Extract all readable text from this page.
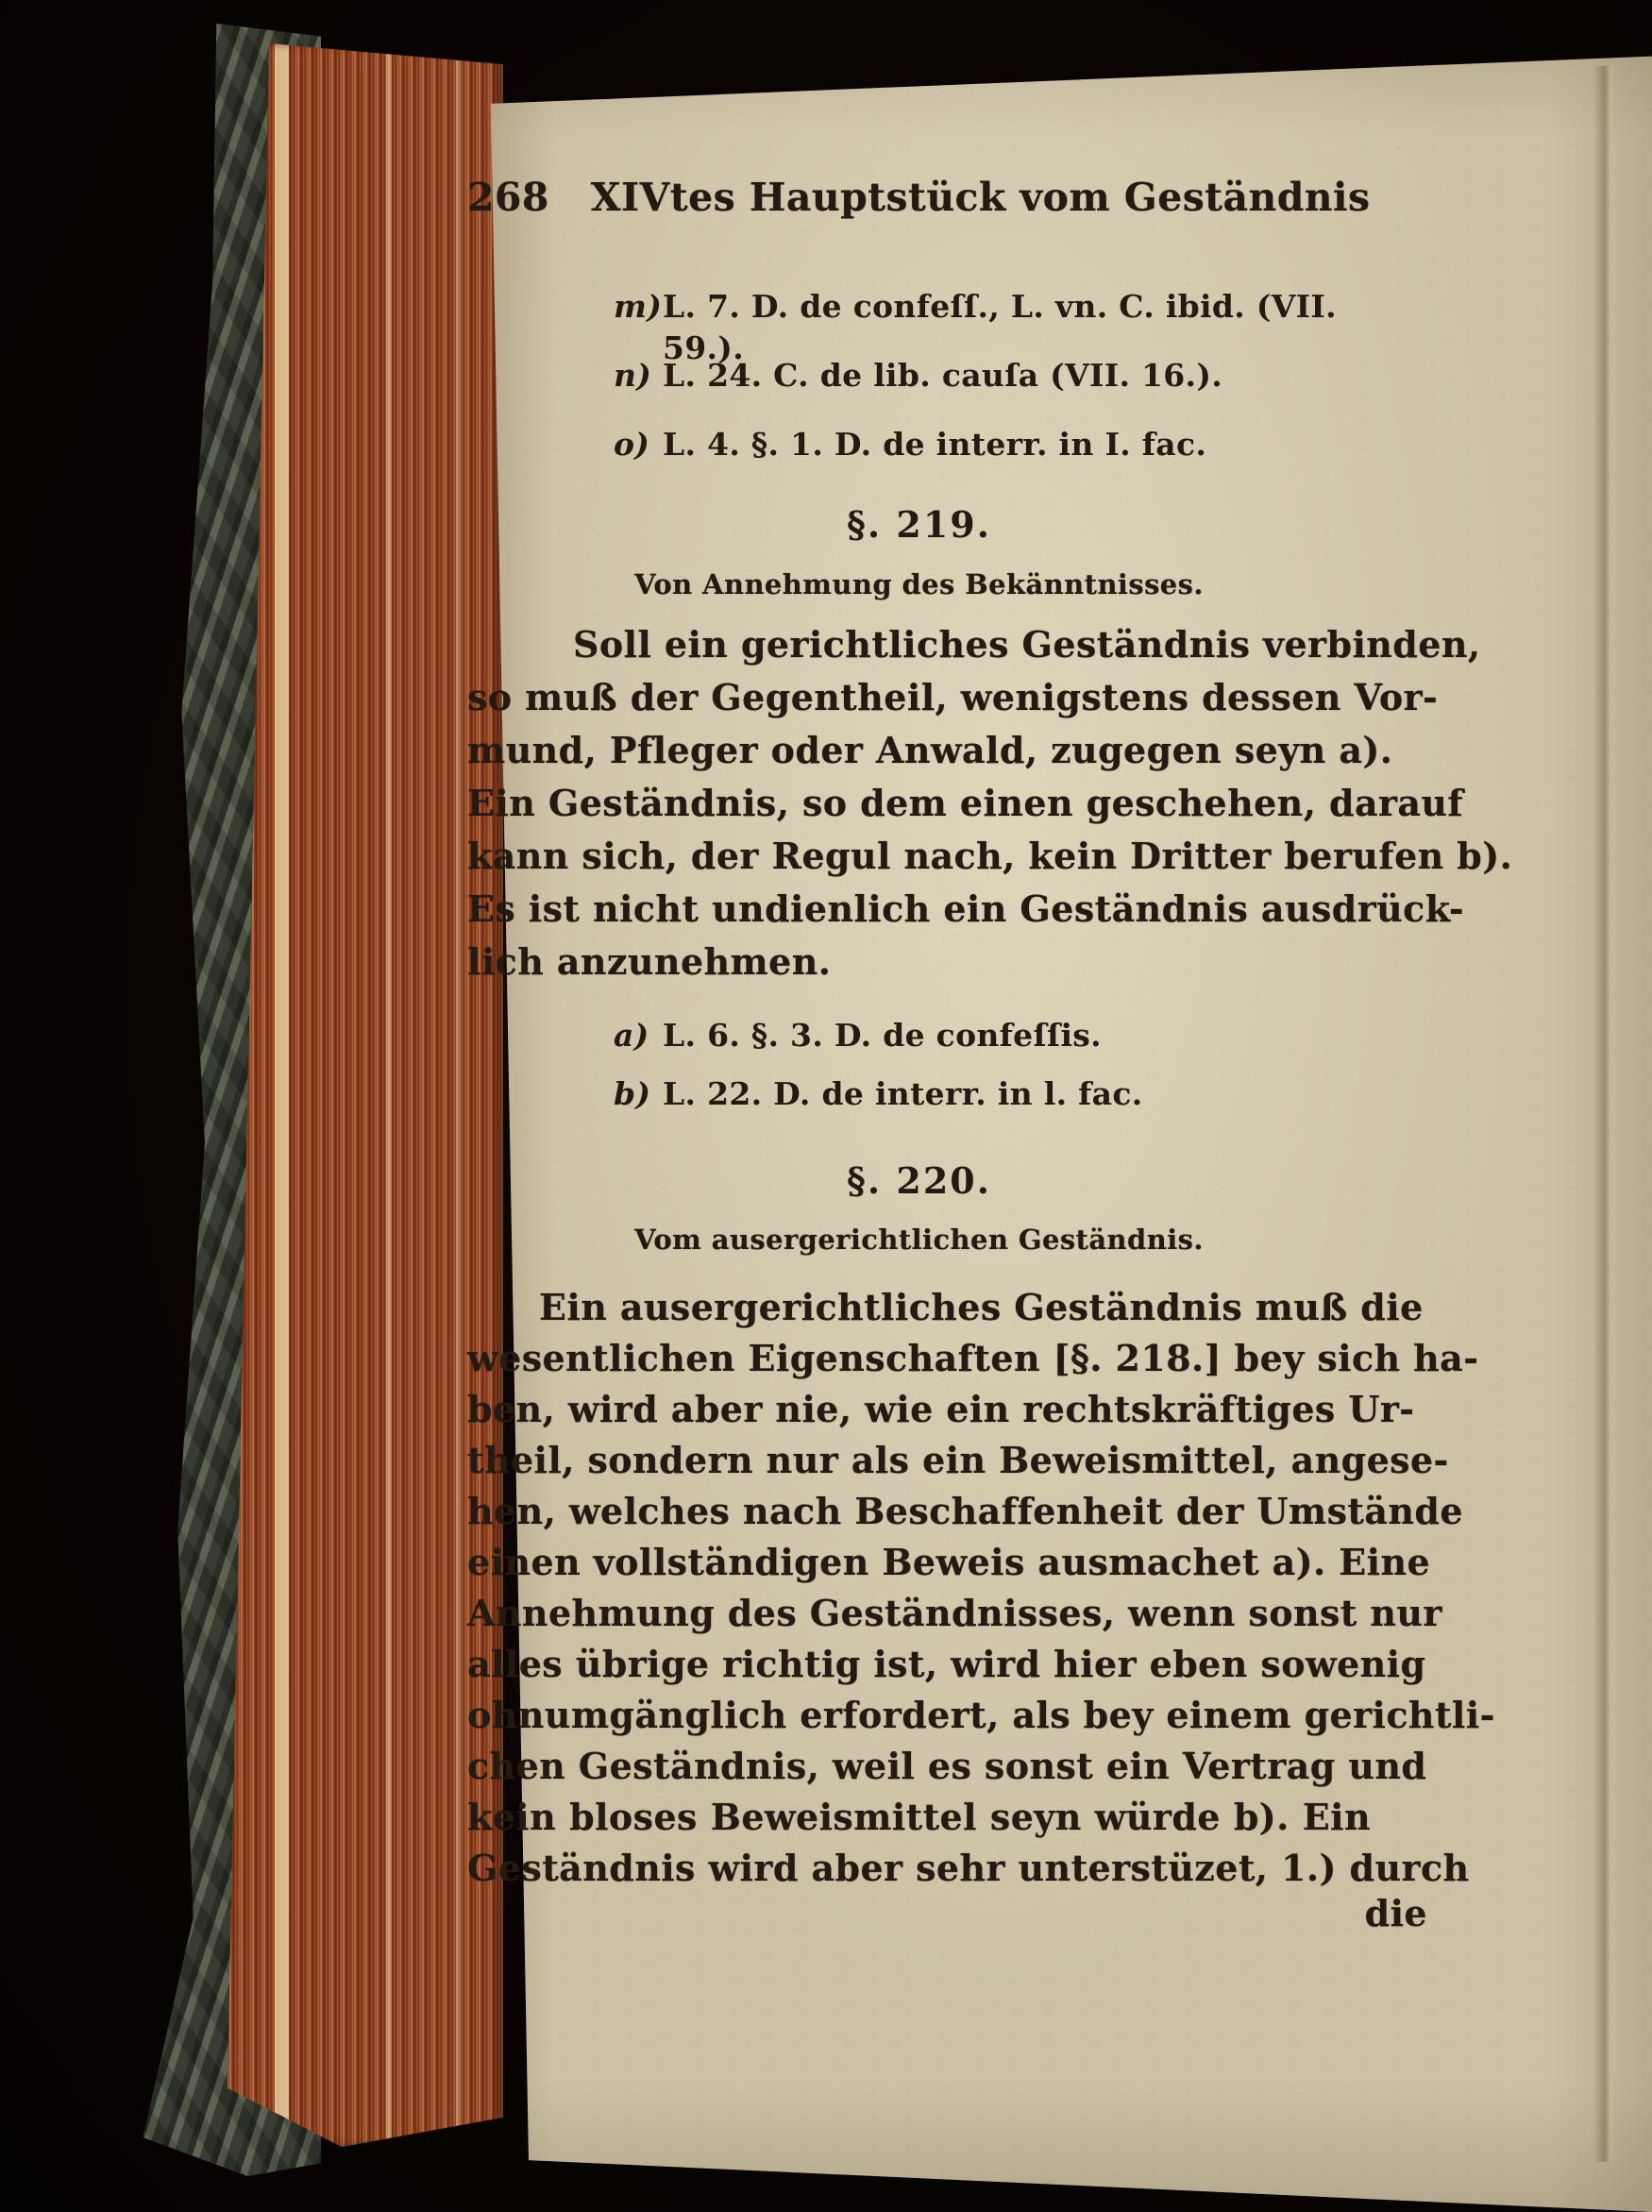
268 XIVtes Hauptstück vom Geständnis
m) L. 7. D. de confeſſ., L. vn. C. ibid. (VII. 59.).
n) L. 24. C. de lib. cauſa (VII. 16.).
o) L. 4. §. 1. D. de interr. in I. fac.
§. 219.
Von Annehmung des Bekänntnisses.
Soll ein gerichtliches Geständnis verbinden,
so muß der Gegentheil, wenigstens dessen Vor-
mund, Pfleger oder Anwald, zugegen seyn a).
Ein Geständnis, so dem einen geschehen, darauf
kann sich, der Regul nach, kein Dritter berufen b).
Es ist nicht undienlich ein Geständnis ausdrück-
lich anzunehmen.
a) L. 6. §. 3. D. de confeſſis.
b) L. 22. D. de interr. in l. fac.
§. 220.
Vom ausergerichtlichen Geständnis.
Ein ausergerichtliches Geständnis muß die
wesentlichen Eigenschaften [§. 218.] bey sich ha-
ben, wird aber nie, wie ein rechtskräftiges Ur-
theil, sondern nur als ein Beweismittel, angese-
hen, welches nach Beschaffenheit der Umstände
einen vollständigen Beweis ausmachet a). Eine
Annehmung des Geständnisses, wenn sonst nur
alles übrige richtig ist, wird hier eben sowenig
ohnumgänglich erfordert, als bey einem gerichtli-
chen Geständnis, weil es sonst ein Vertrag und
kein bloses Beweismittel seyn würde b). Ein
Geständnis wird aber sehr unterstüzet, 1.) durch
die
